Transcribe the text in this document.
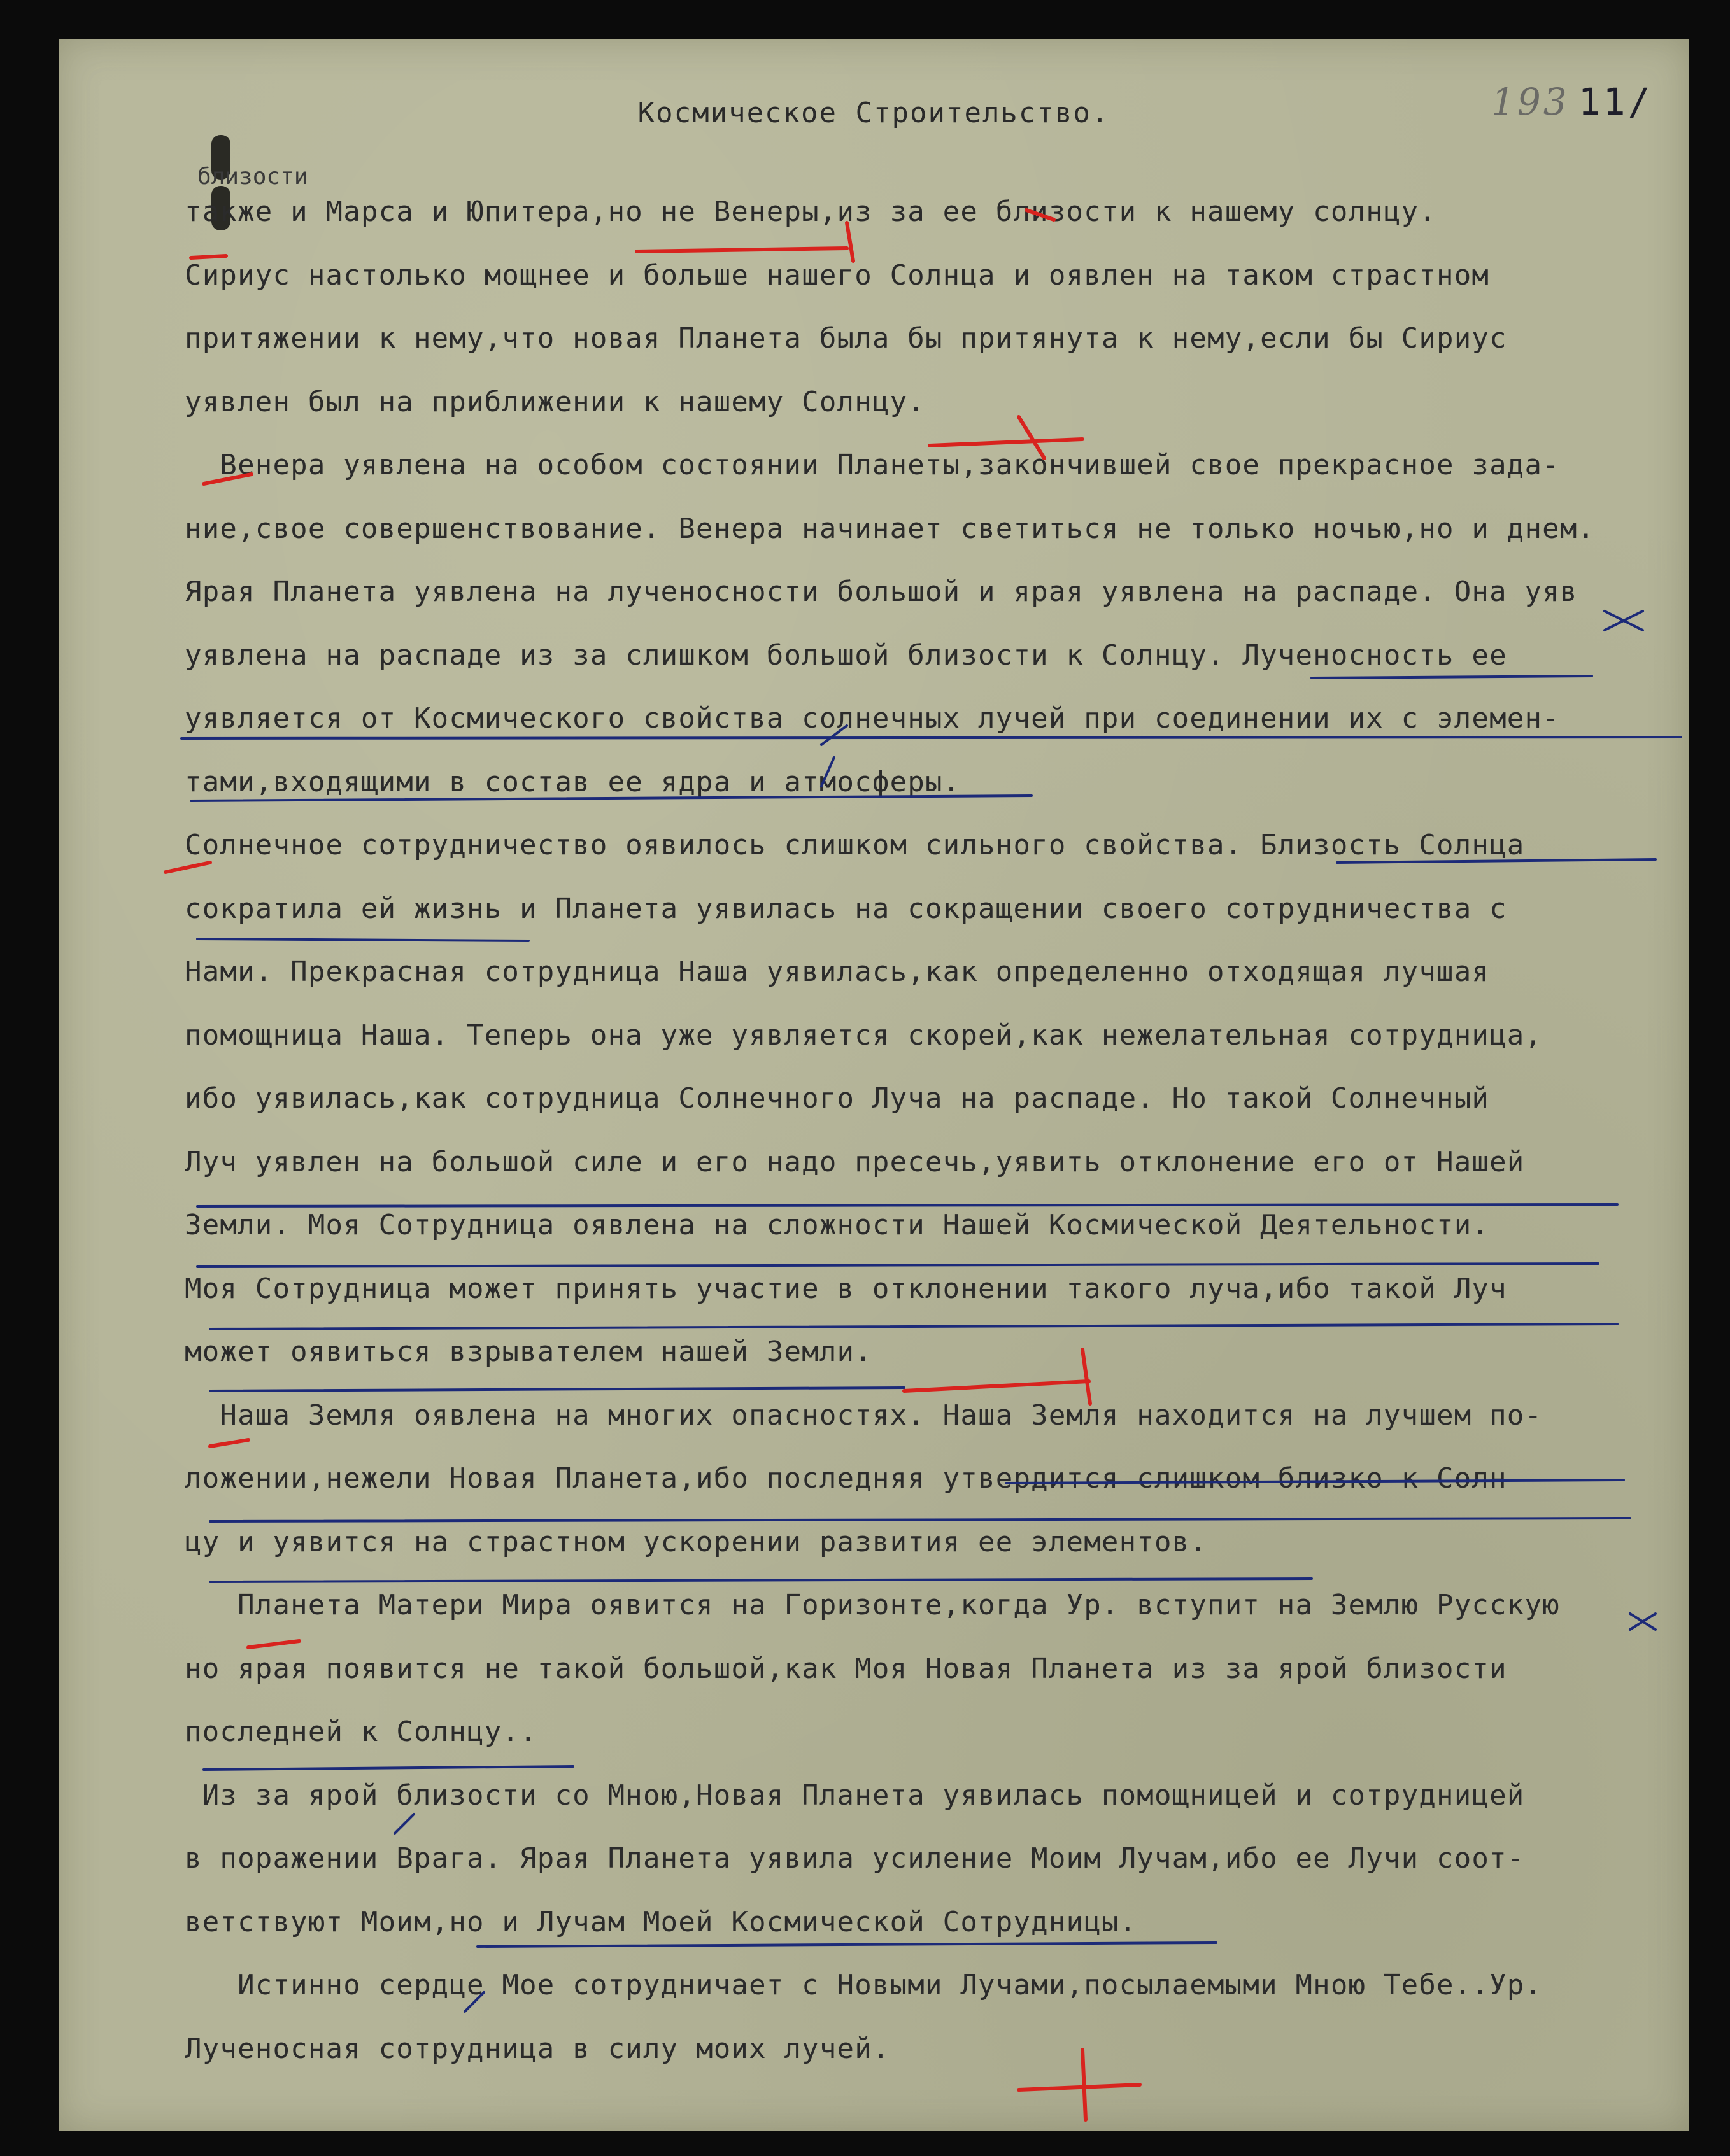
Космическое Строительство.	193 11/
близости
также и Марса и Юпитера,но не Венеры,из за ее близости к нашему солнцу.
Сириус настолько мощнее и больше нашего Солнца и оявлен на таком страстном
притяжении к нему,что новая Планета была бы притянута к нему,если бы Сириус
уявлен был на приближении к нашему Солнцу.
Венера уявлена на особом состоянии Планеты,закончившей свое прекрасное зада-
ние,свое совершенствование. Венера начинает светиться не только ночью,но и днем.
Ярая Планета уявлена на лученосности большой и ярая уявлена на распаде. Она уяв
уявлена на распаде из за слишком большой близости к Солнцу. Лученосность ее
уявляется от Космического свойства солнечных лучей при соединении их с элемен-
тами,входящими в состав ее ядра и атмосферы.
Солнечное сотрудничество оявилось слишком сильного свойства. Близость Солнца
сократила ей жизнь и Планета уявилась на сокращении своего сотрудничества с
Нами. Прекрасная сотрудница Наша уявилась,как определенно отходящая лучшая
помощница Наша. Теперь она уже уявляется скорей,как нежелательная сотрудница,
ибо уявилась,как сотрудница Солнечного Луча на распаде. Но такой Солнечный
Луч уявлен на большой силе и его надо пресечь,уявить отклонение его от Нашей
Земли. Моя Сотрудница оявлена на сложности Нашей Космической Деятельности.
Моя Сотрудница может принять участие в отклонении такого луча,ибо такой Луч
может оявиться взрывателем нашей Земли.
Наша Земля оявлена на многих опасностях. Наша Земля находится на лучшем по-
ложении,нежели Новая Планета,ибо последняя утвердится слишком близко к Солн-
цу и уявится на страстном ускорении развития ее элементов.
Планета Матери Мира оявится на Горизонте,когда Ур. вступит на Землю Русскую
но ярая появится не такой большой,как Моя Новая Планета из за ярой близости
последней к Солнцу..
Из за ярой близости со Мною,Новая Планета уявилась помощницей и сотрудницей
в поражении Врага. Ярая Планета уявила усиление Моим Лучам,ибо ее Лучи соот-
ветствуют Моим,но и Лучам Моей Космической Сотрудницы.
Истинно сердце Мое сотрудничает с Новыми Лучами,посылаемыми Мною Тебе..Ур.
Лученосная сотрудница в силу моих лучей.
